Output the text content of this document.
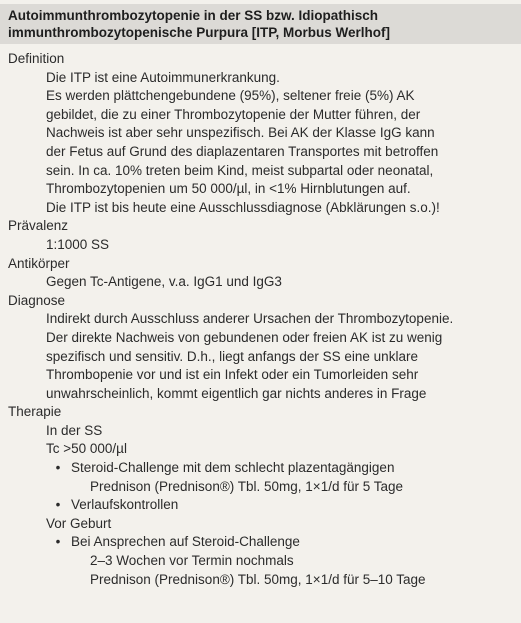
Autoimmunthrombozytopenie in der SS bzw. Idiopathisch
immunthrombozytopenische Purpura [ITP, Morbus Werlhof]
Definition
Die ITP ist eine Autoimmunerkrankung.
Es werden plättchengebundene (95%), seltener freie (5%) AK
gebildet, die zu einer Thrombozytopenie der Mutter führen, der
Nachweis ist aber sehr unspezifisch. Bei AK der Klasse IgG kann
der Fetus auf Grund des diaplazentaren Transportes mit betroffen
sein. In ca. 10% treten beim Kind, meist subpartal oder neonatal,
Thrombozytopenien um 50 000/µl, in <1% Hirnblutungen auf.
Die ITP ist bis heute eine Ausschlussdiagnose (Abklärungen s.o.)!
Prävalenz
1:1000 SS
Antikörper
Gegen Tc-Antigene, v.a. IgG1 und IgG3
Diagnose
Indirekt durch Ausschluss anderer Ursachen der Thrombozytopenie.
Der direkte Nachweis von gebundenen oder freien AK ist zu wenig
spezifisch und sensitiv. D.h., liegt anfangs der SS eine unklare
Thrombopenie vor und ist ein Infekt oder ein Tumorleiden sehr
unwahrscheinlich, kommt eigentlich gar nichts anderes in Frage
Therapie
In der SS
Tc >50 000/µl
• Steroid-Challenge mit dem schlecht plazentagängigen
Prednison (Prednison®) Tbl. 50mg, 1×1/d für 5 Tage
• Verlaufskontrollen
Vor Geburt
• Bei Ansprechen auf Steroid-Challenge
2–3 Wochen vor Termin nochmals
Prednison (Prednison®) Tbl. 50mg, 1×1/d für 5–10 Tage
